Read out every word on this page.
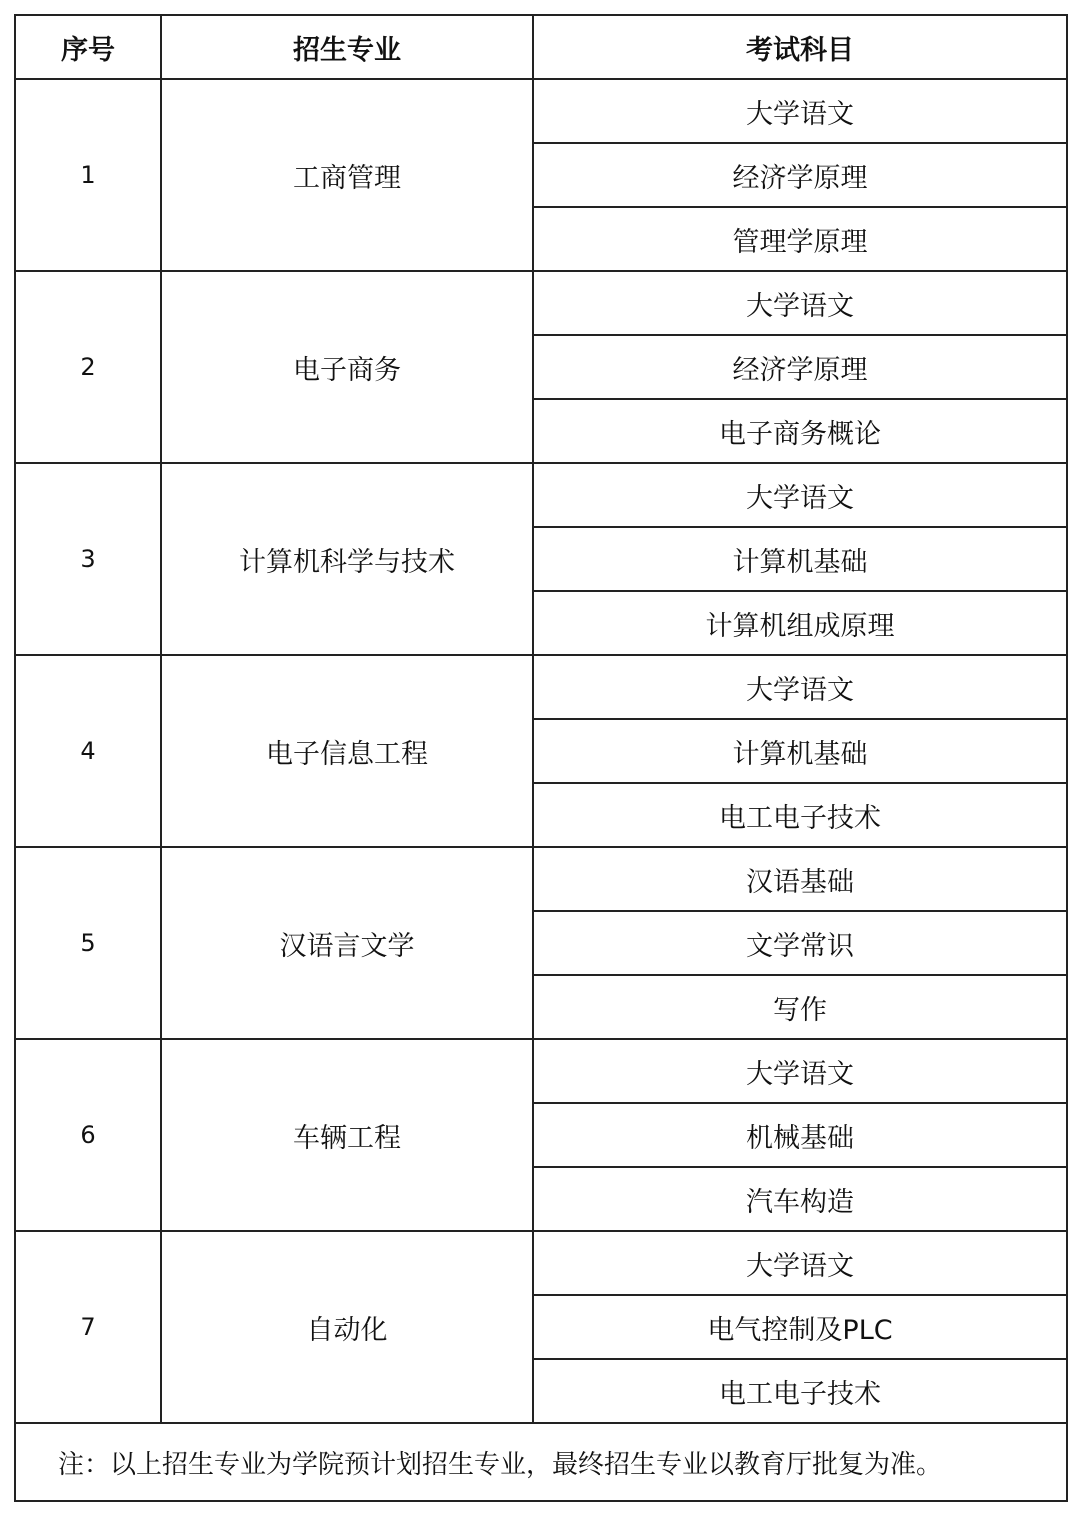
序号	招生专业	考试科目
1	工商管理	大学语文
		经济学原理
		管理学原理
2	电子商务	大学语文
		经济学原理
		电子商务概论
3	计算机科学与技术	大学语文
		计算机基础
		计算机组成原理
4	电子信息工程	大学语文
		计算机基础
		电工电子技术
5	汉语言文学	汉语基础
		文学常识
		写作
6	车辆工程	大学语文
		机械基础
		汽车构造
7	自动化	大学语文
		电气控制及PLC
		电工电子技术
注：以上招生专业为学院预计划招生专业，最终招生专业以教育厅批复为准。		
